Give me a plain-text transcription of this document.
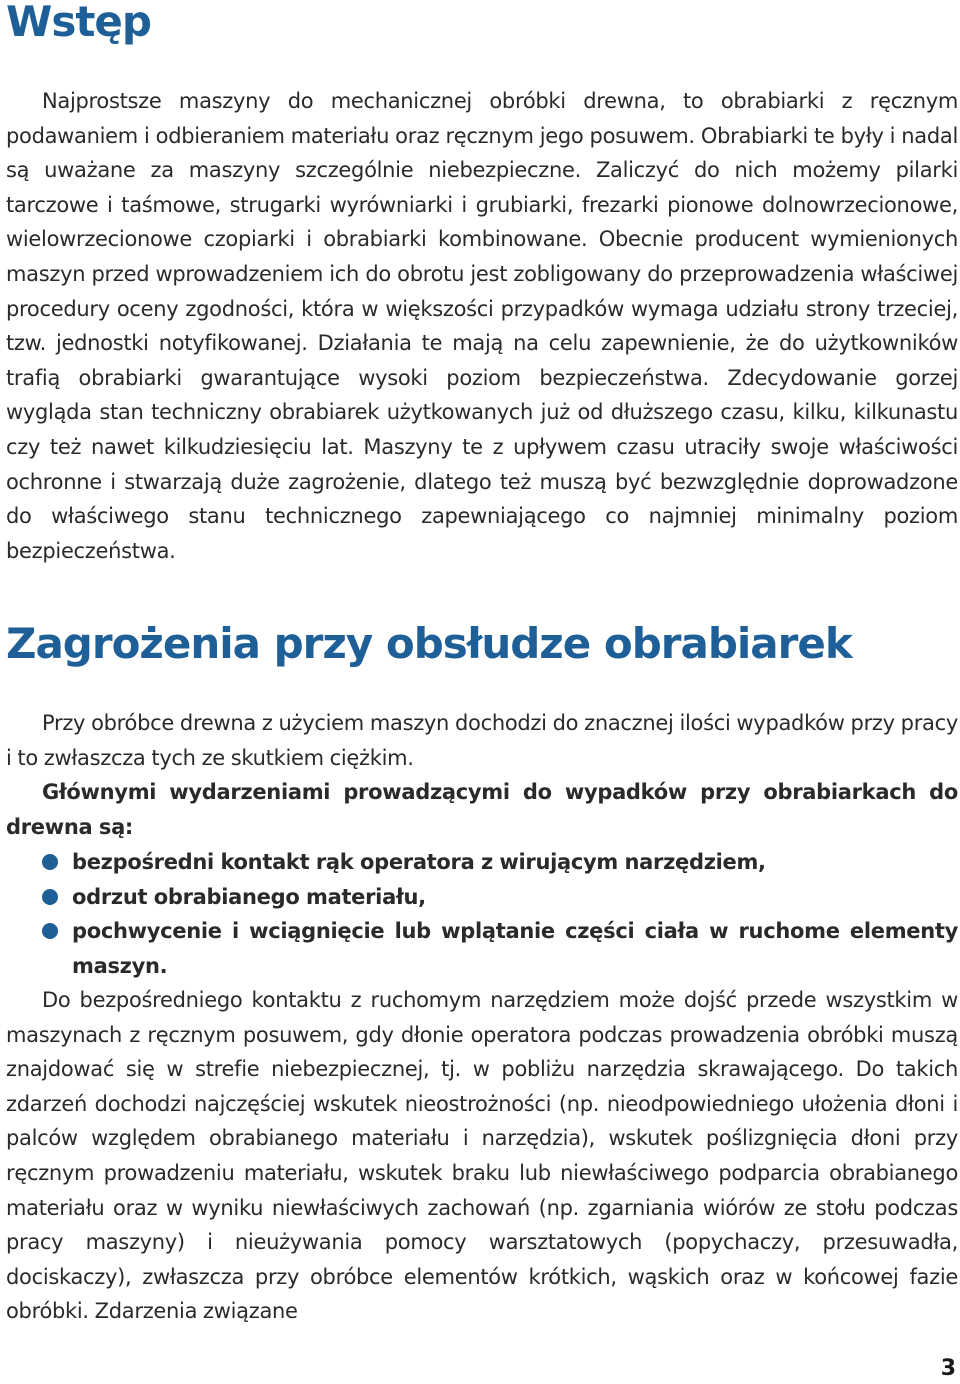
Wstęp

Najprostsze maszyny do mechanicznej obróbki drewna, to obrabiarki z ręcznym podawaniem i odbieraniem materiału oraz ręcznym jego posuwem. Obrabiarki te były i nadal są uważane za maszyny szczególnie niebezpieczne. Zaliczyć do nich możemy pilarki tarczowe i taśmowe, strugarki wyrówniarki i grubiarki, frezarki pionowe dolnowrzecionowe, wielowrzecionowe czopiarki i obrabiarki kombinowane. Obecnie producent wymienionych maszyn przed wprowadzeniem ich do obrotu jest zobligowany do przeprowadzenia właściwej procedury oceny zgodności, która w większości przypadków wymaga udziału strony trzeciej, tzw. jednostki notyfikowanej. Działania te mają na celu zapewnienie, że do użytkowników trafią obrabiarki gwarantujące wysoki poziom bezpieczeństwa. Zdecydowanie gorzej wygląda stan techniczny obrabiarek użytkowanych już od dłuższego czasu, kilku, kilkunastu czy też nawet kilkudziesięciu lat. Maszyny te z upływem czasu utraciły swoje właściwości ochronne i stwarzają duże zagrożenie, dlatego też muszą być bezwzględnie doprowadzone do właściwego stanu technicznego zapewniającego co najmniej minimalny poziom bezpieczeństwa.

Zagrożenia przy obsłudze obrabiarek

Przy obróbce drewna z użyciem maszyn dochodzi do znacznej ilości wypadków przy pracy i to zwłaszcza tych ze skutkiem ciężkim.

Głównymi wydarzeniami prowadzącymi do wypadków przy obrabiarkach do drewna są:

bezpośredni kontakt rąk operatora z wirującym narzędziem,
odrzut obrabianego materiału,
pochwycenie i wciągnięcie lub wplątanie części ciała w ruchome elementy maszyn.

Do bezpośredniego kontaktu z ruchomym narzędziem może dojść przede wszystkim w maszynach z ręcznym posuwem, gdy dłonie operatora podczas prowadzenia obróbki muszą znajdować się w strefie niebezpiecznej, tj. w pobliżu narzędzia skrawającego. Do takich zdarzeń dochodzi najczęściej wskutek nieostrożności (np. nieodpowiedniego ułożenia dłoni i palców względem obrabianego materiału i narzędzia), wskutek poślizgnięcia dłoni przy ręcznym prowadzeniu materiału, wskutek braku lub niewłaściwego podparcia obrabianego materiału oraz w wyniku niewłaściwych zachowań (np. zgarniania wiórów ze stołu podczas pracy maszyny) i nieużywania pomocy warsztatowych (popychaczy, przesuwadła, dociskaczy), zwłaszcza przy obróbce elementów krótkich, wąskich oraz w końcowej fazie obróbki. Zdarzenia związane

3
